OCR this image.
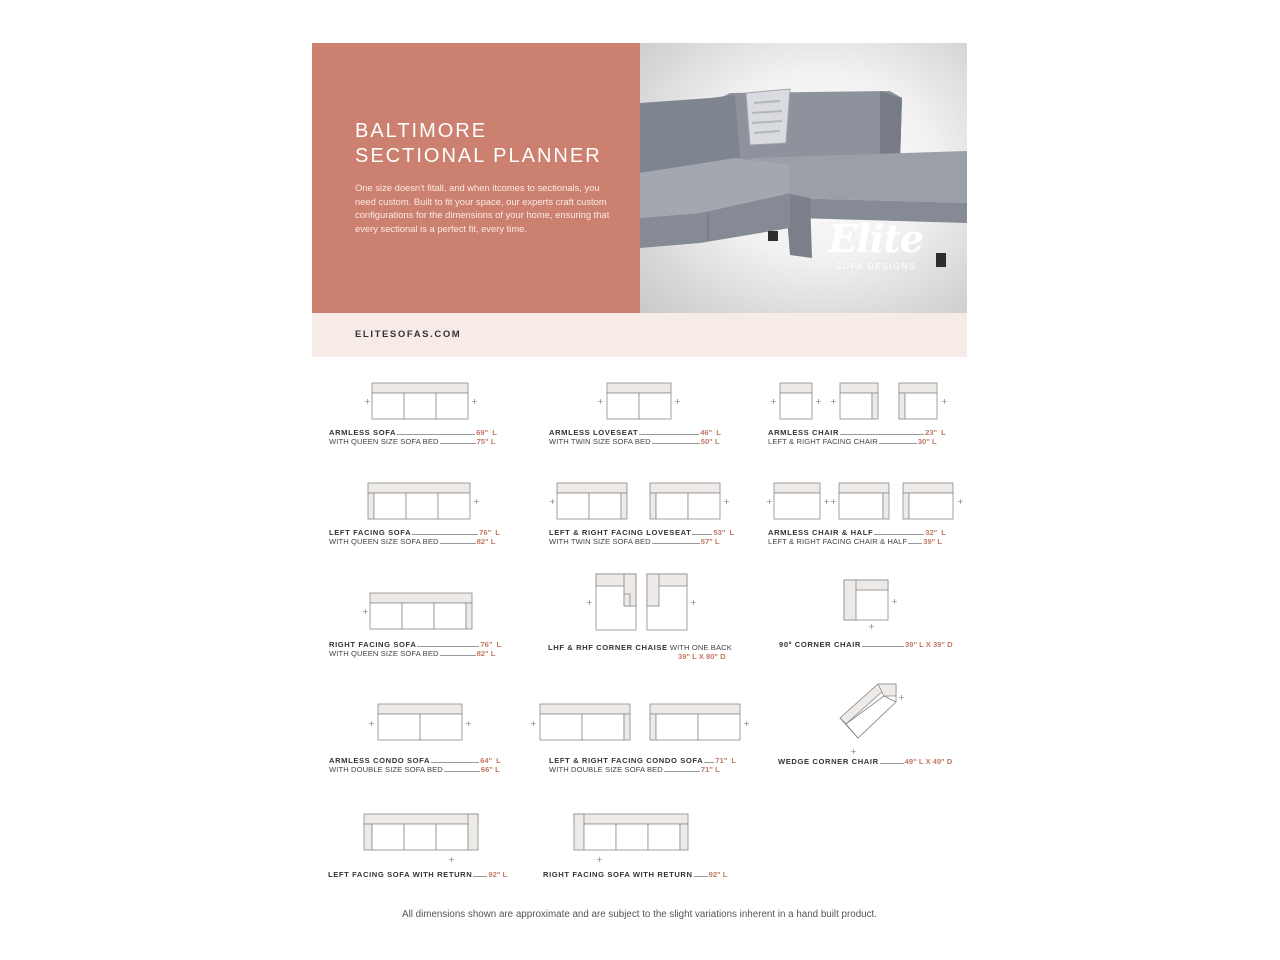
BALTIMORE
SECTIONAL PLANNER

One size doesn't fitall, and when itcomes to sectionals, you need custom. Built to fit your space, our experts craft custom configurations for the dimensions of your home, ensuring that every sectional is a perfect fit, every time.	Elite
SOFA DESIGNS
ELITESOFAS.COM
+	+
ARMLESS SOFA	69" L
WITH QUEEN SIZE SOFA BED	75" L
+	+
ARMLESS LOVESEAT	46" L
WITH TWIN SIZE SOFA BED	50" L
+	+ +	+
ARMLESS CHAIR	23" L
LEFT & RIGHT FACING CHAIR	30" L
+
LEFT FACING SOFA	76" L
WITH QUEEN SIZE SOFA BED	82" L
+	+
LEFT & RIGHT FACING LOVESEAT	53" L
WITH TWIN SIZE SOFA BED	57" L
+	+ +	+
ARMLESS CHAIR & HALF	32" L
LEFT & RIGHT FACING CHAIR & HALF 39" L
+
RIGHT FACING SOFA	76" L
WITH QUEEN SIZE SOFA BED	82" L
+	+
LHF & RHF CORNER CHAISE WITH ONE BACK
39" L X 80" D
+
+
90º CORNER CHAIR	39" L X 39" D
+	+
ARMLESS CONDO SOFA	64" L
WITH DOUBLE SIZE SOFA BED	66" L
+	+
LEFT & RIGHT FACING CONDO SOFA 71" L
WITH DOUBLE SIZE SOFA BED	71" L
+
+
WEDGE CORNER CHAIR	49" L X 49" D
+
LEFT FACING SOFA WITH RETURN 92" L
+
RIGHT FACING SOFA WITH RETURN 92" L
All dimensions shown are approximate and are subject to the slight variations inherent in a hand built product.
